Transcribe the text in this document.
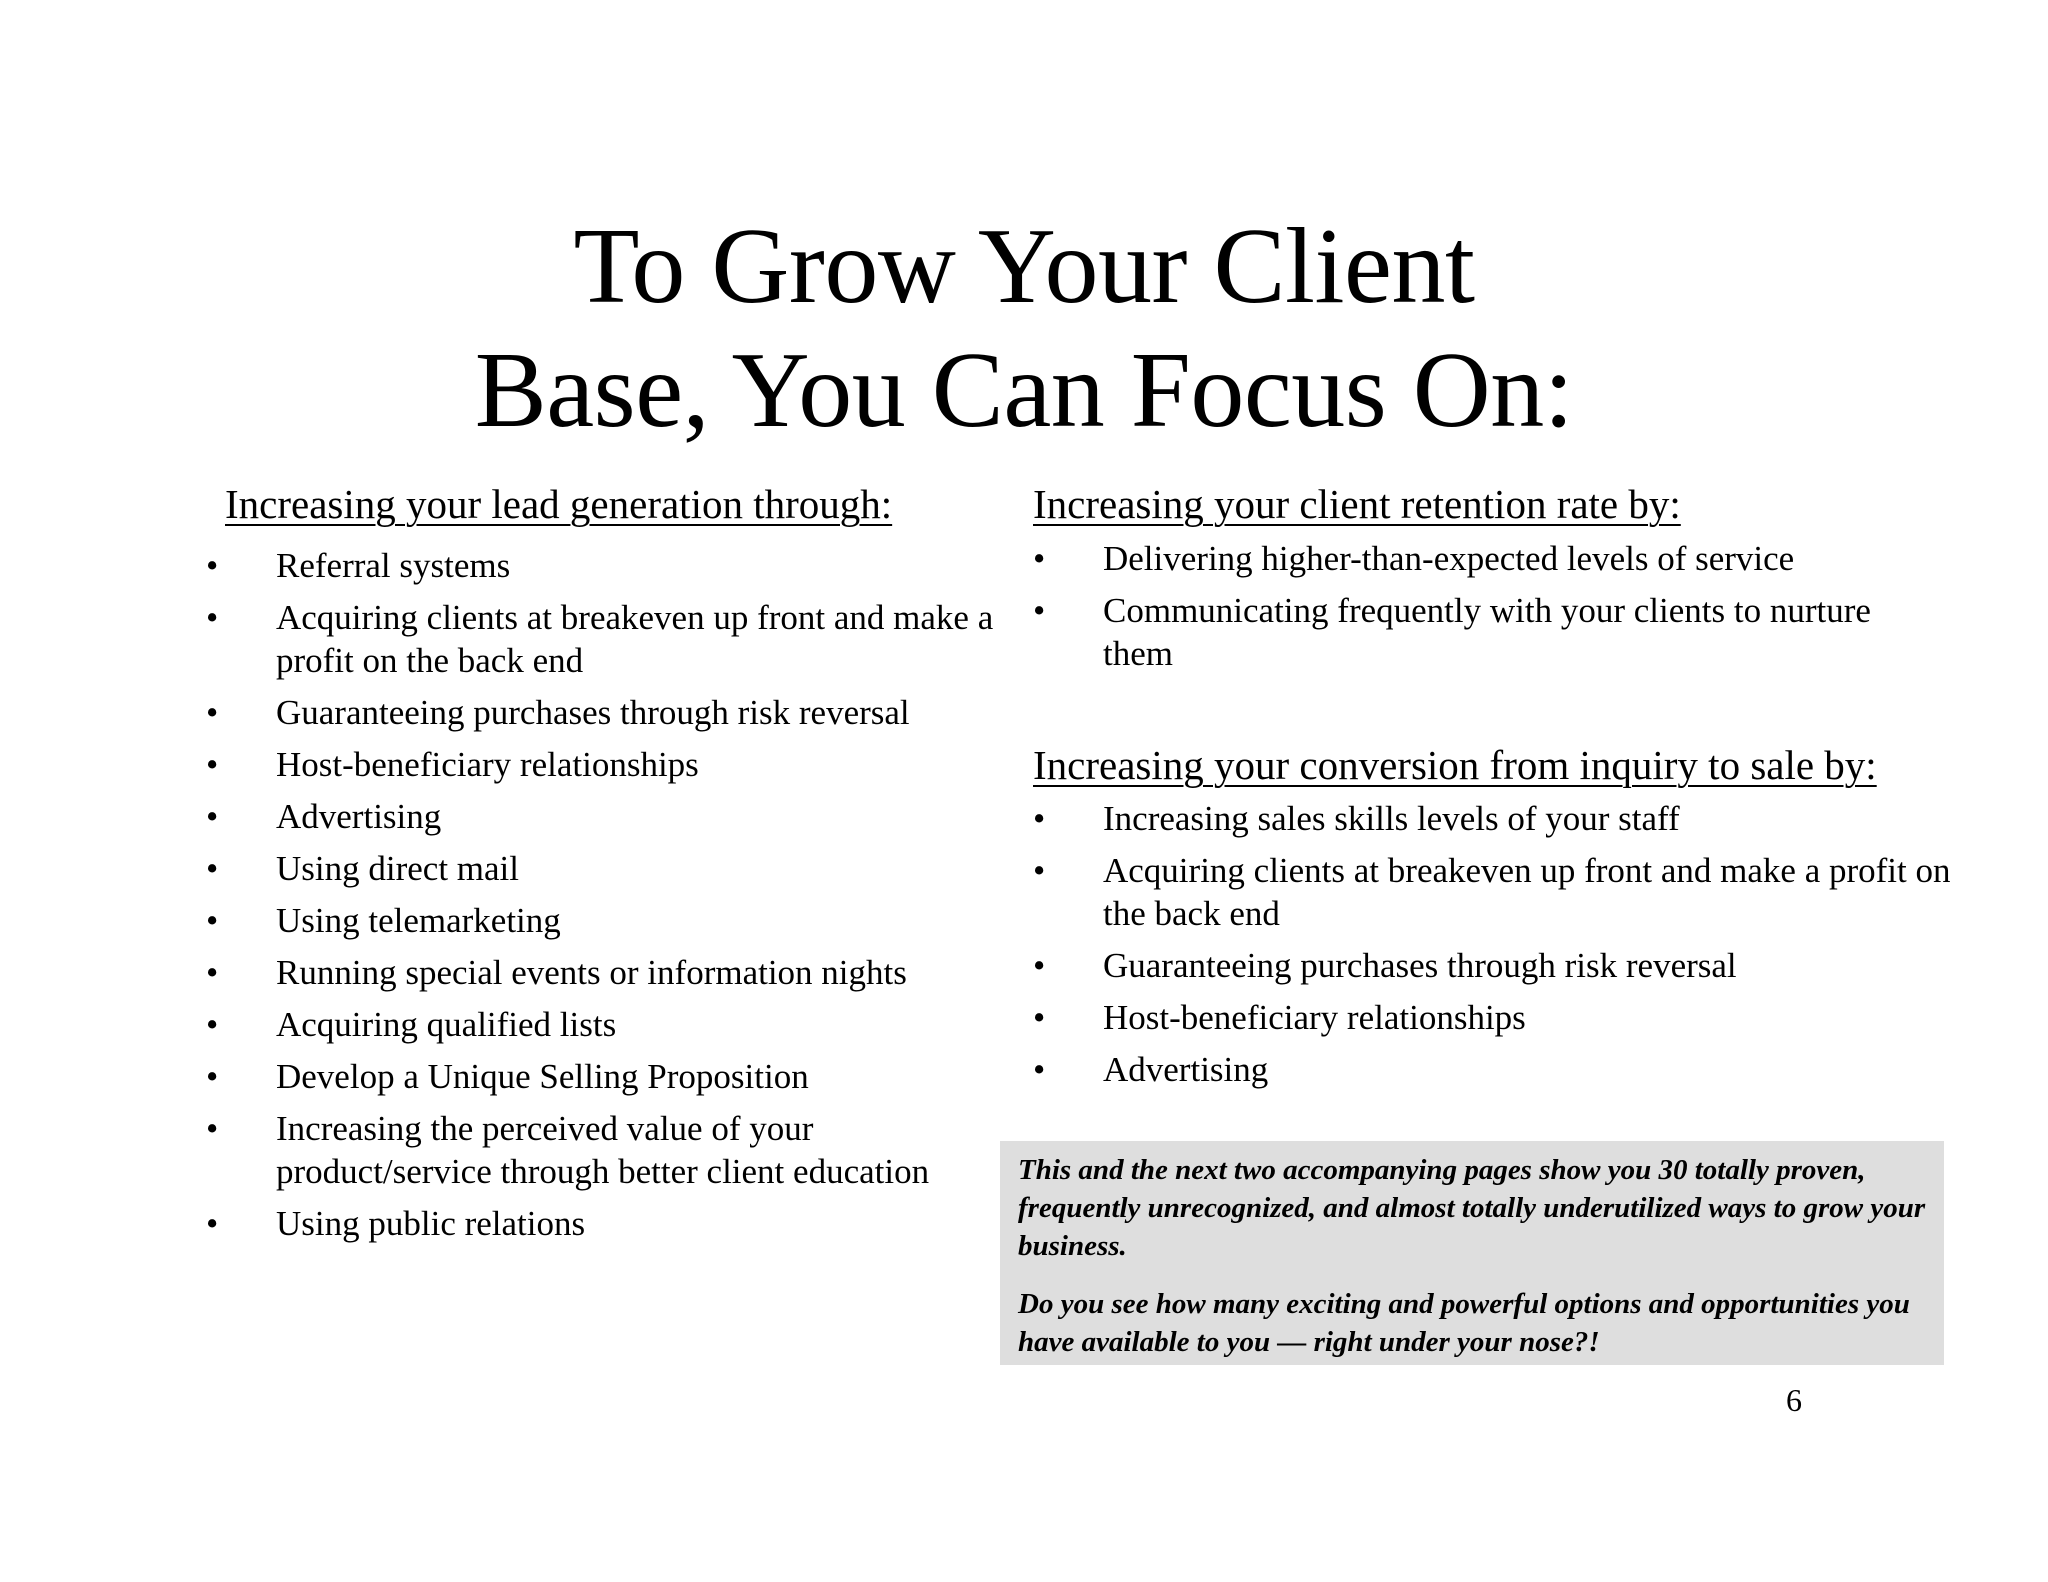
To Grow Your Client
Base, You Can Focus On:
Increasing your lead generation through:
• Referral systems
• Acquiring clients at breakeven up front and make a profit on the back end
• Guaranteeing purchases through risk reversal
• Host-beneficiary relationships
• Advertising
• Using direct mail
• Using telemarketing
• Running special events or information nights
• Acquiring qualified lists
• Develop a Unique Selling Proposition
• Increasing the perceived value of your product/service through better client education
• Using public relations
Increasing your client retention rate by:
• Delivering higher-than-expected levels of service
• Communicating frequently with your clients to nurture them
Increasing your conversion from inquiry to sale by:
• Increasing sales skills levels of your staff
• Acquiring clients at breakeven up front and make a profit on the back end
• Guaranteeing purchases through risk reversal
• Host-beneficiary relationships
• Advertising

This and the next two accompanying pages show you 30 totally proven, frequently unrecognized, and almost totally underutilized ways to grow your business.

Do you see how many exciting and powerful options and opportunities you have available to you — right under your nose?!

6
